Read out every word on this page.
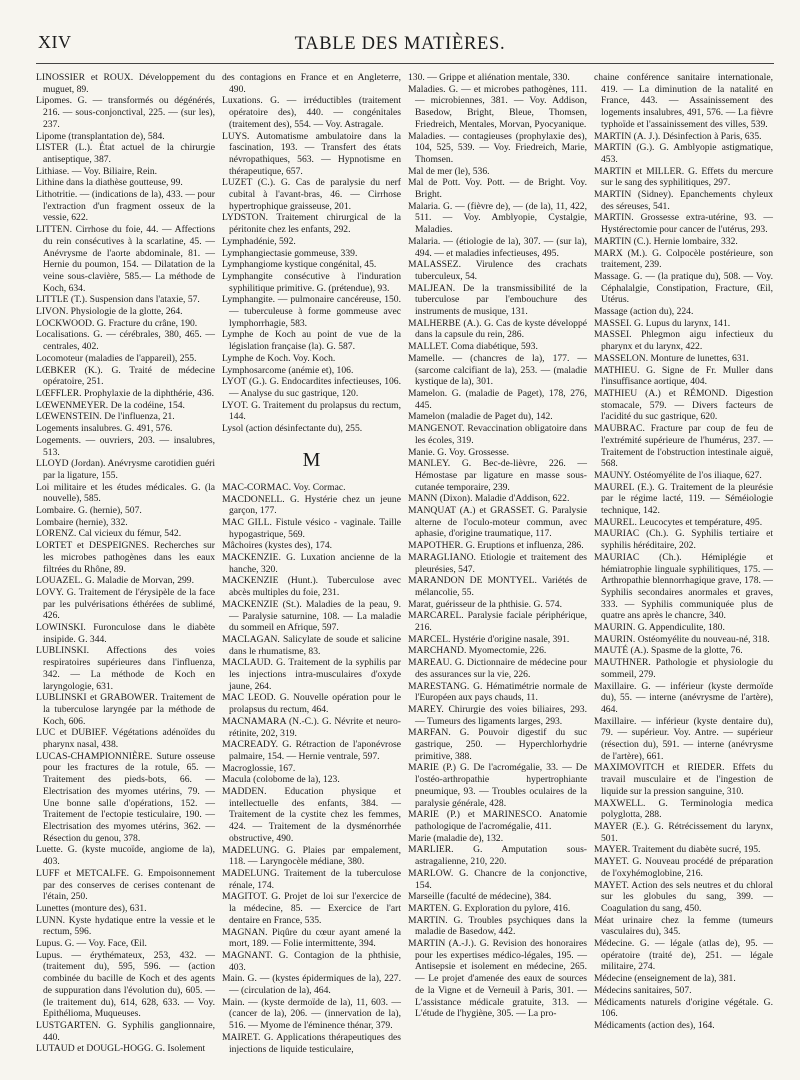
XIV	TABLE DES MATIÈRES.

LINOSSIER et ROUX. Développement du muguet, 89.

Lipomes. G. — transformés ou dégénérés, 216. — sous-conjonctival, 225. — (sur les), 237.

Lipome (transplantation de), 584.

LISTER (L.). État actuel de la chirurgie antiseptique, 387.

Lithiase. — Voy. Biliaire, Rein.

Lithine dans la diathèse goutteuse, 99.

Lithotritie. — (indications de la), 433. — pour l'extraction d'un fragment osseux de la vessie, 622.

LITTEN. Cirrhose du foie, 44. — Affections du rein consécutives à la scarlatine, 45. — Anévrysme de l'aorte abdominale, 81. — Hernie du poumon, 154. — Dilatation de la veine sous-clavière, 585.— La méthode de Koch, 634.

LITTLE (T.). Suspension dans l'ataxie, 57.

LIVON. Physiologie de la glotte, 264.

LOCKWOOD. G. Fracture du crâne, 190.

Localisations. G. — cérébrales, 380, 465. — centrales, 402.

Locomoteur (maladies de l'appareil), 255.

LŒBKER (K.). G. Traité de médecine opératoire, 251.

LŒFFLER. Prophylaxie de la diphthérie, 436.

LŒWENMEYER. De la codéine, 154.

LŒWENSTEIN. De l'influenza, 21.

Logements insalubres. G. 491, 576.

Logements. — ouvriers, 203. — insalubres, 513.

LLOYD (Jordan). Anévrysme carotidien guéri par la ligature, 155.

Loi militaire et les études médicales. G. (la nouvelle), 585.

Lombaire. G. (hernie), 507.

Lombaire (hernie), 332.

LORENZ. Cal vicieux du fémur, 542.

LORTET et DESPEIGNES. Recherches sur les microbes pathogènes dans les eaux filtrées du Rhône, 89.

LOUAZEL. G. Maladie de Morvan, 299.

LOVY. G. Traitement de l'érysipèle de la face par les pulvérisations éthérées de sublimé, 426.

LOWINSKI. Furonculose dans le diabète insipide. G. 344.

LUBLINSKI. Affections des voies respiratoires supérieures dans l'influenza, 342. — La méthode de Koch en laryngologie, 631.

LUBLINSKI et GRABOWER. Traitement de la tuberculose laryngée par la méthode de Koch, 606.

LUC et DUBIEF. Végétations adénoïdes du pharynx nasal, 438.

LUCAS-CHAMPIONNIÈRE. Suture osseuse pour les fractures de la rotule, 65. — Traitement des pieds-bots, 66. — Electrisation des myomes utérins, 79. — Une bonne salle d'opérations, 152. — Traitement de l'ectopie testiculaire, 190. — Electrisation des myomes utérins, 362. — Résection du genou, 378.

Luette. G. (kyste mucoïde, angiome de la), 403.

LUFF et METCALFE. G. Empoisonnement par des conserves de cerises contenant de l'étain, 250.

Lunettes (monture des), 631.

LUNN. Kyste hydatique entre la vessie et le rectum, 596.

Lupus. G. — Voy. Face, Œil.

Lupus. — érythémateux, 253, 432. — (traitement du), 595, 596. — (action combinée du bacille de Koch et des agents de suppuration dans l'évolution du), 605. — (le traitement du), 614, 628, 633. — Voy. Epithélioma, Muqueuses.

LUSTGARTEN. G. Syphilis ganglionnaire, 440.

LUTAUD et DOUGL-HOGG. G. Isolement

des contagions en France et en Angleterre, 490.

Luxations. G. — irréductibles (traitement opératoire des), 440. — congénitales (traitement des), 554. — Voy. Astragale.

LUYS. Automatisme ambulatoire dans la fascination, 193. — Transfert des états névropathiques, 563. — Hypnotisme en thérapeutique, 657.

LUZET (C.). G. Cas de paralysie du nerf cubital à l'avant-bras, 46. — Cirrhose hypertrophique graisseuse, 201.

LYDSTON. Traitement chirurgical de la péritonite chez les enfants, 292.

Lymphadénie, 592.

Lymphangiectasie gommeuse, 339.

Lymphangiome kystique congénital, 45.

Lymphangite consécutive à l'induration syphilitique primitive. G. (prétendue), 93.

Lymphangite. — pulmonaire cancéreuse, 150. — tuberculeuse à forme gommeuse avec lymphorrhagie, 583.

Lymphe de Koch au point de vue de la législation française (la). G. 587.

Lymphe de Koch. Voy. Koch.

Lymphosarcome (anémie et), 106.

LYOT (G.). G. Endocardites infectieuses, 106. — Analyse du suc gastrique, 120.

LYOT. G. Traitement du prolapsus du rectum, 144.

Lysol (action désinfectante du), 255.

M

MAC-CORMAC. Voy. Cormac.

MACDONELL. G. Hystérie chez un jeune garçon, 177.

MAC GILL. Fistule vésico - vaginale. Taille hypogastrique, 569.

Mâchoires (kystes des), 174.

MACKENZIE. G. Luxation ancienne de la hanche, 320.

MACKENZIE (Hunt.). Tuberculose avec abcès multiples du foie, 231.

MACKENZIE (St.). Maladies de la peau, 9. — Paralysie saturnine, 108. — La maladie du sommeil en Afrique, 597.

MACLAGAN. Salicylate de soude et salicine dans le rhumatisme, 83.

MACLAUD. G. Traitement de la syphilis par les injections intra-musculaires d'oxyde jaune, 264.

MAC LEOD. G. Nouvelle opération pour le prolapsus du rectum, 464.

MACNAMARA (N.-C.). G. Névrite et neuro-rétinite, 202, 319.

MACREADY. G. Rétraction de l'aponévrose palmaire, 154. — Hernie ventrale, 597.

Macroglossie, 167.

Macula (colobome de la), 123.

MADDEN. Education physique et intellectuelle des enfants, 384. — Traitement de la cystite chez les femmes, 424. — Traitement de la dysménorrhée obstructive, 490.

MADELUNG. G. Plaies par empalement, 118. — Laryngocèle médiane, 380.

MADELUNG. Traitement de la tuberculose rénale, 174.

MAGITOT. G. Projet de loi sur l'exercice de la médecine, 85. — Exercice de l'art dentaire en France, 535.

MAGNAN. Piqûre du cœur ayant amené la mort, 189. — Folie intermittente, 394.

MAGNANT. G. Contagion de la phthisie, 403.

Main. G. — (kystes épidermiques de la), 227. — (circulation de la), 464.

Main. — (kyste dermoïde de la), 11, 603. — (cancer de la), 206. — (innervation de la), 516. — Myome de l'éminence thénar, 379.

MAIRET. G. Applications thérapeutiques des injections de liquide testiculaire,

130. — Grippe et aliénation mentale, 330.

Maladies. G. — et microbes pathogènes, 111.— microbiennes, 381. — Voy. Addison, Basedow, Bright, Bleue, Thomsen, Friedreich, Mentales, Morvan, Pyocyanique.

Maladies. — contagieuses (prophylaxie des), 104, 525, 539. — Voy. Friedreich, Marie, Thomsen.

Mal de mer (le), 536.

Mal de Pott. Voy. Pott. — de Bright. Voy. Bright.

Malaria. G. — (fièvre de), — (de la), 11, 422, 511. — Voy. Amblyopie, Cystalgie, Maladies.

Malaria. — (étiologie de la), 307. — (sur la), 494. — et maladies infectieuses, 495.

MALASSEZ. Virulence des crachats tuberculeux, 54.

MALJEAN. De la transmissibilité de la tuberculose par l'embouchure des instruments de musique, 131.

MALHERBE (A.). G. Cas de kyste développé dans la capsule du rein, 286.

MALLET. Coma diabétique, 593.

Mamelle. — (chancres de la), 177. — (sarcome calcifiant de la), 253. — (maladie kystique de la), 301.

Mamelon. G. (maladie de Paget), 178, 276, 445.

Mamelon (maladie de Paget du), 142.

MANGENOT. Revaccination obligatoire dans les écoles, 319.

Manie. G. Voy. Grossesse.

MANLEY. G. Bec-de-lièvre, 226. — Hémostase par ligature en masse sous-cutanée temporaire, 239.

MANN (Dixon). Maladie d'Addison, 622.

MANQUAT (A.) et GRASSET. G. Paralysie alterne de l'oculo-moteur commun, avec aphasie, d'origine traumatique, 117.

MAPOTHER. G. Eruptions et influenza, 286.

MARAGLIANO. Etiologie et traitement des pleurésies, 547.

MARANDON DE MONTYEL. Variétés de mélancolie, 55.

Marat, guérisseur de la phthisie. G. 574.

MARCAREL. Paralysie faciale périphérique, 216.

MARCEL. Hystérie d'origine nasale, 391.

MARCHAND. Myomectomie, 226.

MAREAU. G. Dictionnaire de médecine pour des assurances sur la vie, 226.

MARESTANG. G. Hématimétrie normale de l'Européen aux pays chauds, 11.

MAREY. Chirurgie des voies biliaires, 293. — Tumeurs des ligaments larges, 293.

MARFAN. G. Pouvoir digestif du suc gastrique, 250. — Hyperchlorhydrie primitive, 388.

MARIE (P.) G. De l'acromégalie, 33. — De l'ostéo-arthropathie hypertrophiante pneumique, 93. — Troubles oculaires de la paralysie générale, 428.

MARIE (P.) et MARINESCO. Anatomie pathologique de l'acromégalie, 411.

Marie (maladie de), 132.

MARLIER. G. Amputation sous-astragalienne, 210, 220.

MARLOW. G. Chancre de la conjonctive, 154.

Marseille (faculté de médecine), 384.

MARTEN. G. Exploration du pylore, 416.

MARTIN. G. Troubles psychiques dans la maladie de Basedow, 442.

MARTIN (A.-J.). G. Revision des honoraires pour les expertises médico-légales, 195. — Antisepsie et isolement en médecine, 265. — Le projet d'amenée des eaux de sources de la Vigne et de Verneuil à Paris, 301. — L'assistance médicale gratuite, 313. — L'étude de l'hygiène, 305. — La pro-

chaine conférence sanitaire internationale, 419. — La diminution de la natalité en France, 443. — Assainissement des logements insalubres, 491, 576. — La fièvre typhoïde et l'assainissement des villes, 539.

MARTIN (A. J.). Désinfection à Paris, 635.

MARTIN (G.). G. Amblyopie astigmatique, 453.

MARTIN et MILLER. G. Effets du mercure sur le sang des syphilitiques, 297.

MARTIN (Sidney). Epanchements chyleux des séreuses, 541.

MARTIN. Grossesse extra-utérine, 93. — Hystérectomie pour cancer de l'utérus, 293.

MARTIN (C.). Hernie lombaire, 332.

MARX (M.). G. Colpocèle postérieure, son traitement, 239.

Massage. G. — (la pratique du), 508. — Voy. Céphalalgie, Constipation, Fracture, Œil, Utérus.

Massage (action du), 224.

MASSEI. G. Lupus du larynx, 141.

MASSEI. Phlegmon aigu infectieux du pharynx et du larynx, 422.

MASSELON. Monture de lunettes, 631.

MATHIEU. G. Signe de Fr. Muller dans l'insuffisance aortique, 404.

MATHIEU (A.) et RÉMOND. Digestion stomacale, 579. — Divers facteurs de l'acidité du suc gastrique, 620.

MAUBRAC. Fracture par coup de feu de l'extrémité supérieure de l'humérus, 237. — Traitement de l'obstruction intestinale aiguë, 568.

MAUNY. Ostéomyélite de l'os iliaque, 627.

MAUREL (E.). G. Traitement de la pleurésie par le régime lacté, 119. — Séméiologie technique, 142.

MAUREL. Leucocytes et température, 495.

MAURIAC (Ch.). G. Syphilis tertiaire et syphilis héréditaire, 202.

MAURIAC (Ch.). Hémiplégie et hémiatrophie linguale syphilitiques, 175. — Arthropathie blennorrhagique grave, 178. — Syphilis secondaires anormales et graves, 333. — Syphilis communiquée plus de quatre ans après le chancre, 340.

MAURIN. G. Appendiculite, 180.

MAURIN. Ostéomyélite du nouveau-né, 318.

MAUTÉ (A.). Spasme de la glotte, 76.

MAUTHNER. Pathologie et physiologie du sommeil, 279.

Maxillaire. G. — inférieur (kyste dermoïde du), 55. — interne (anévrysme de l'artère), 464.

Maxillaire. — inférieur (kyste dentaire du), 79. — supérieur. Voy. Antre. — supérieur (résection du), 591. — interne (anévrysme de l'artère), 661.

MAXIMOVITCH et RIEDER. Effets du travail musculaire et de l'ingestion de liquide sur la pression sanguine, 310.

MAXWELL. G. Terminologia medica polyglotta, 288.

MAYER (E.). G. Rétrécissement du larynx, 501.

MAYER. Traitement du diabète sucré, 195.

MAYET. G. Nouveau procédé de préparation de l'oxyhémoglobine, 216.

MAYET. Action des sels neutres et du chloral sur les globules du sang, 399. — Coagulation du sang, 450.

Méat urinaire chez la femme (tumeurs vasculaires du), 345.

Médecine. G. — légale (atlas de), 95. — opératoire (traité de), 251. — légale militaire, 274.

Médecine (enseignement de la), 381.

Médecins sanitaires, 507.

Médicaments naturels d'origine végétale. G. 106.

Médicaments (action des), 164.
